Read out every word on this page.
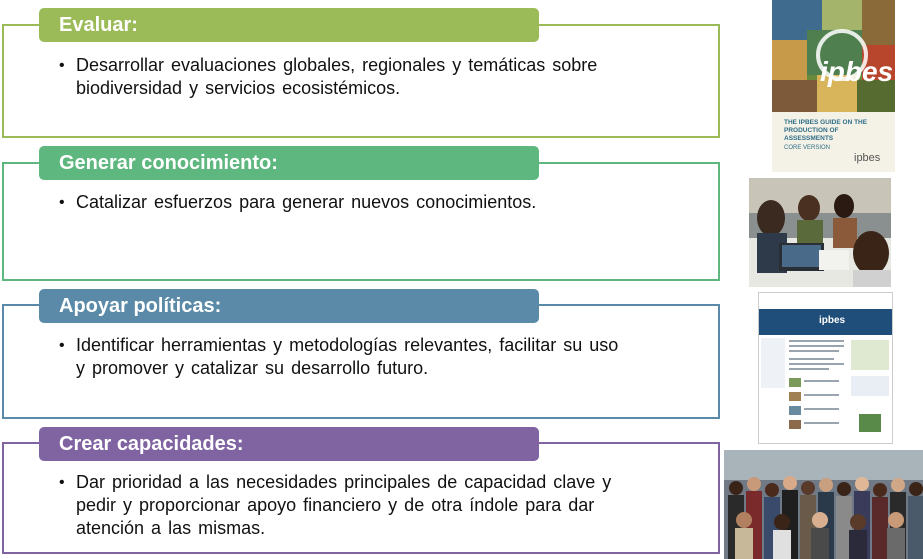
• Desarrollar evaluaciones globales, regionales y temáticas sobre biodiversidad y servicios ecosistémicos.
Evaluar:
• Catalizar esfuerzos para generar nuevos conocimientos.
Generar conocimiento:
• Identificar herramientas y metodologías relevantes, facilitar su uso y promover y catalizar su desarrollo futuro.
Apoyar políticas:
• Dar prioridad a las necesidades principales de capacidad clave y pedir y proporcionar apoyo financiero y de otra índole para dar atención a las mismas.
Crear capacidades:
ipbes
THE IPBES GUIDE ON THE PRODUCTION OF ASSESSMENTS
CORE VERSION
ipbes
ipbes
